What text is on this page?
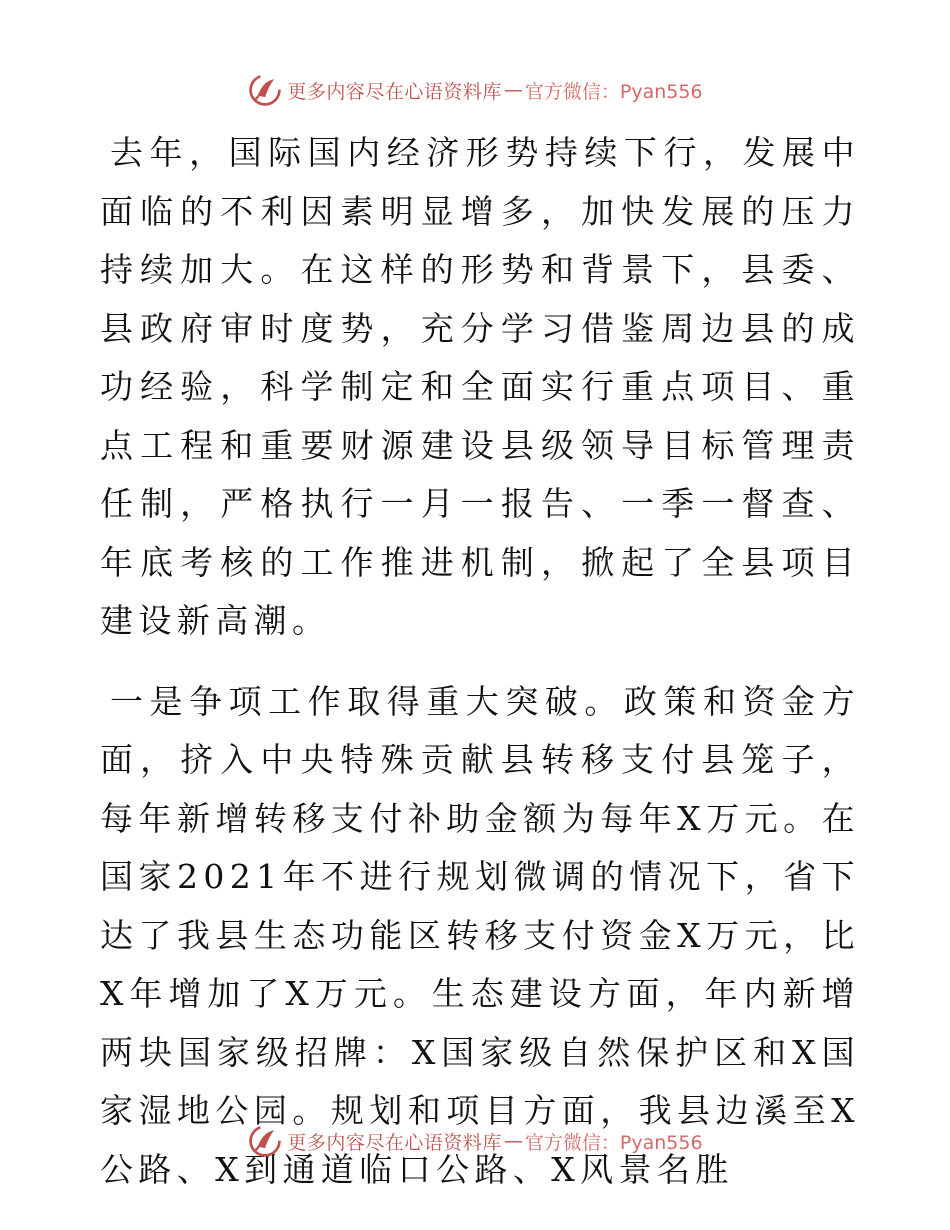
更多内容尽在心语资料库 — 官方微信：Pyan556

去年，国际国内经济形势持续下行，发展中面临的不利因素明显增多，加快发展的压力持续加大。在这样的形势和背景下，县委、县政府审时度势，充分学习借鉴周边县的成功经验，科学制定和全面实行重点项目、重点工程和重要财源建设县级领导目标管理责任制，严格执行一月一报告、一季一督查、年底考核的工作推进机制，掀起了全县项目建设新高潮。

一是争项工作取得重大突破。政策和资金方面，挤入中央特殊贡献县转移支付县笼子，每年新增转移支付补助金额为每年X万元。在国家2021年不进行规划微调的情况下，省下达了我县生态功能区转移支付资金X万元，比X年增加了X万元。生态建设方面，年内新增两块国家级招牌：X国家级自然保护区和X国家湿地公园。规划和项目方面，我县边溪至X公路、X到通道临口公路、X风景名胜

更多内容尽在心语资料库 — 官方微信：Pyan556
